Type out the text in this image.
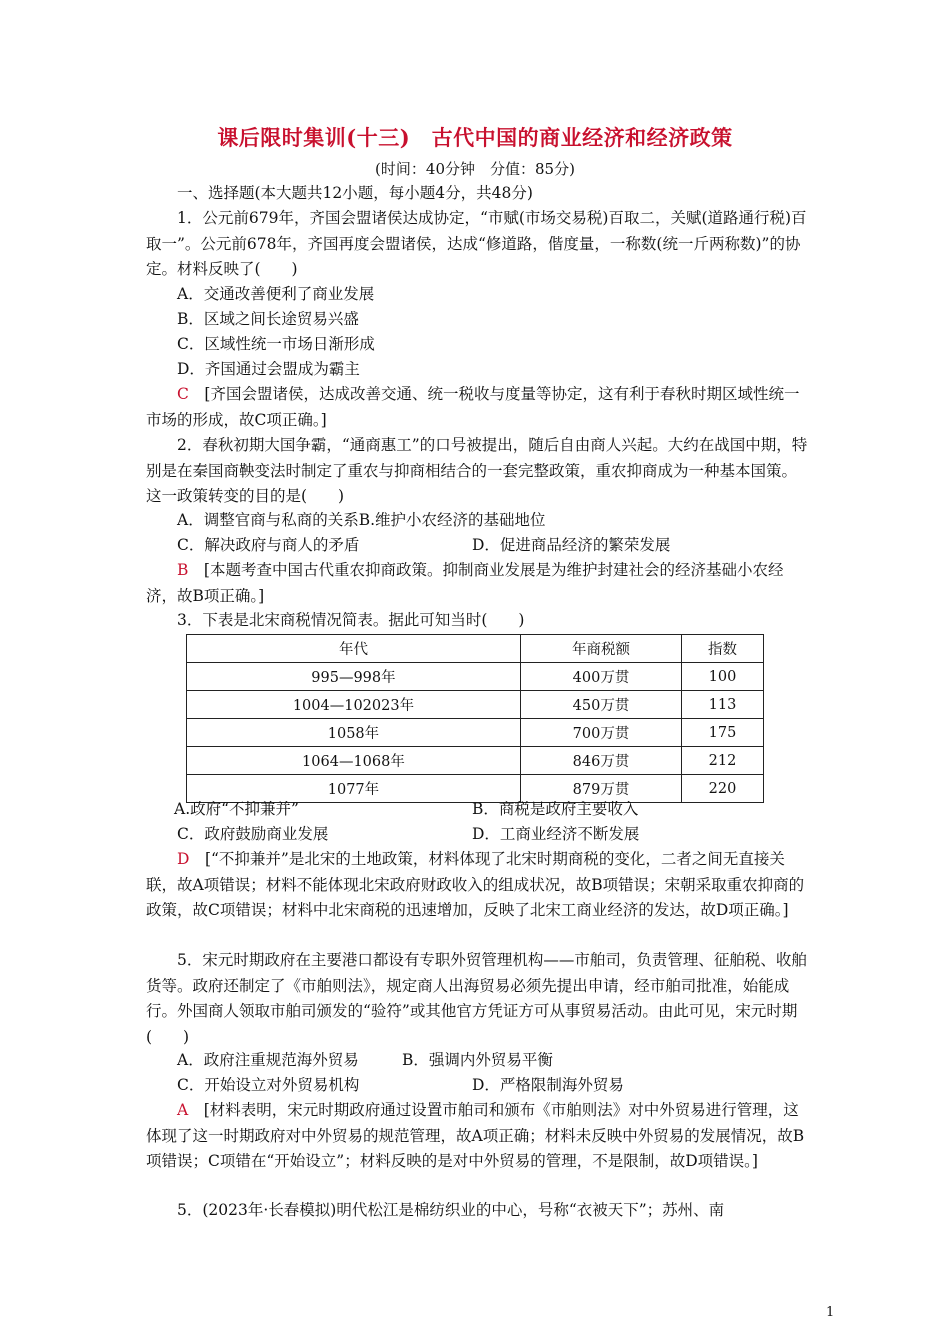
课后限时集训(十三)　古代中国的商业经济和经济政策
(时间：40分钟　分值：85分)

一、选择题(本大题共12小题，每小题4分，共48分)

1．公元前679年，齐国会盟诸侯达成协定，“市赋(市场交易税)百取二，关赋(道路通行税)百取一”。公元前678年，齐国再度会盟诸侯，达成“修道路，偕度量，一称数(统一斤两称数)”的协定。材料反映了(　　)

A．交通改善便利了商业发展
B．区域之间长途贸易兴盛
C．区域性统一市场日渐形成
D．齐国通过会盟成为霸主

C　 [齐国会盟诸侯，达成改善交通、统一税收与度量等协定，这有利于春秋时期区域性统一市场的形成，故C项正确。]

2．春秋初期大国争霸，“通商惠工”的口号被提出，随后自由商人兴起。大约在战国中期，特别是在秦国商鞅变法时制定了重农与抑商相结合的一套完整政策，重农抑商成为一种基本国策。这一政策转变的目的是(　　)

A．调整官商与私商的关系B.维护小农经济的基础地位
C．解决政府与商人的矛盾	D．促进商品经济的繁荣发展

B　 [本题考查中国古代重农抑商政策。抑制商业发展是为维护封建社会的经济基础小农经济，故B项正确。]

3．下表是北宋商税情况简表。据此可知当时(　　)

年代	年商税额	指数
995—998年	400万贯	100
1004—102023年	450万贯	113
1058年	700万贯	175
1064—1068年	846万贯	212
1077年	879万贯	220
A.政府“不抑兼并”	B．商税是政府主要收入
C．政府鼓励商业发展	D．工商业经济不断发展

D　 [“不抑兼并”是北宋的土地政策，材料体现了北宋时期商税的变化，二者之间无直接关联，故A项错误；材料不能体现北宋政府财政收入的组成状况，故B项错误；宋朝采取重农抑商的政策，故C项错误；材料中北宋商税的迅速增加，反映了北宋工商业经济的发达，故D项正确。]

5．宋元时期政府在主要港口都设有专职外贸管理机构——市舶司，负责管理、征舶税、收舶货等。政府还制定了《市舶则法》，规定商人出海贸易必须先提出申请，经市舶司批准，始能成行。外国商人领取市舶司颁发的“验符”或其他官方凭证方可从事贸易活动。由此可见，宋元时期(　　)

A．政府注重规范海外贸易	B．强调内外贸易平衡
C．开始设立对外贸易机构	D．严格限制海外贸易

A　 [材料表明，宋元时期政府通过设置市舶司和颁布《市舶则法》对中外贸易进行管理，这体现了这一时期政府对中外贸易的规范管理，故A项正确；材料未反映中外贸易的发展情况，故B项错误；C项错在“开始设立”；材料反映的是对中外贸易的管理，不是限制，故D项错误。]

5．(2023年·长春模拟)明代松江是棉纺织业的中心，号称“衣被天下”；苏州、南

1
